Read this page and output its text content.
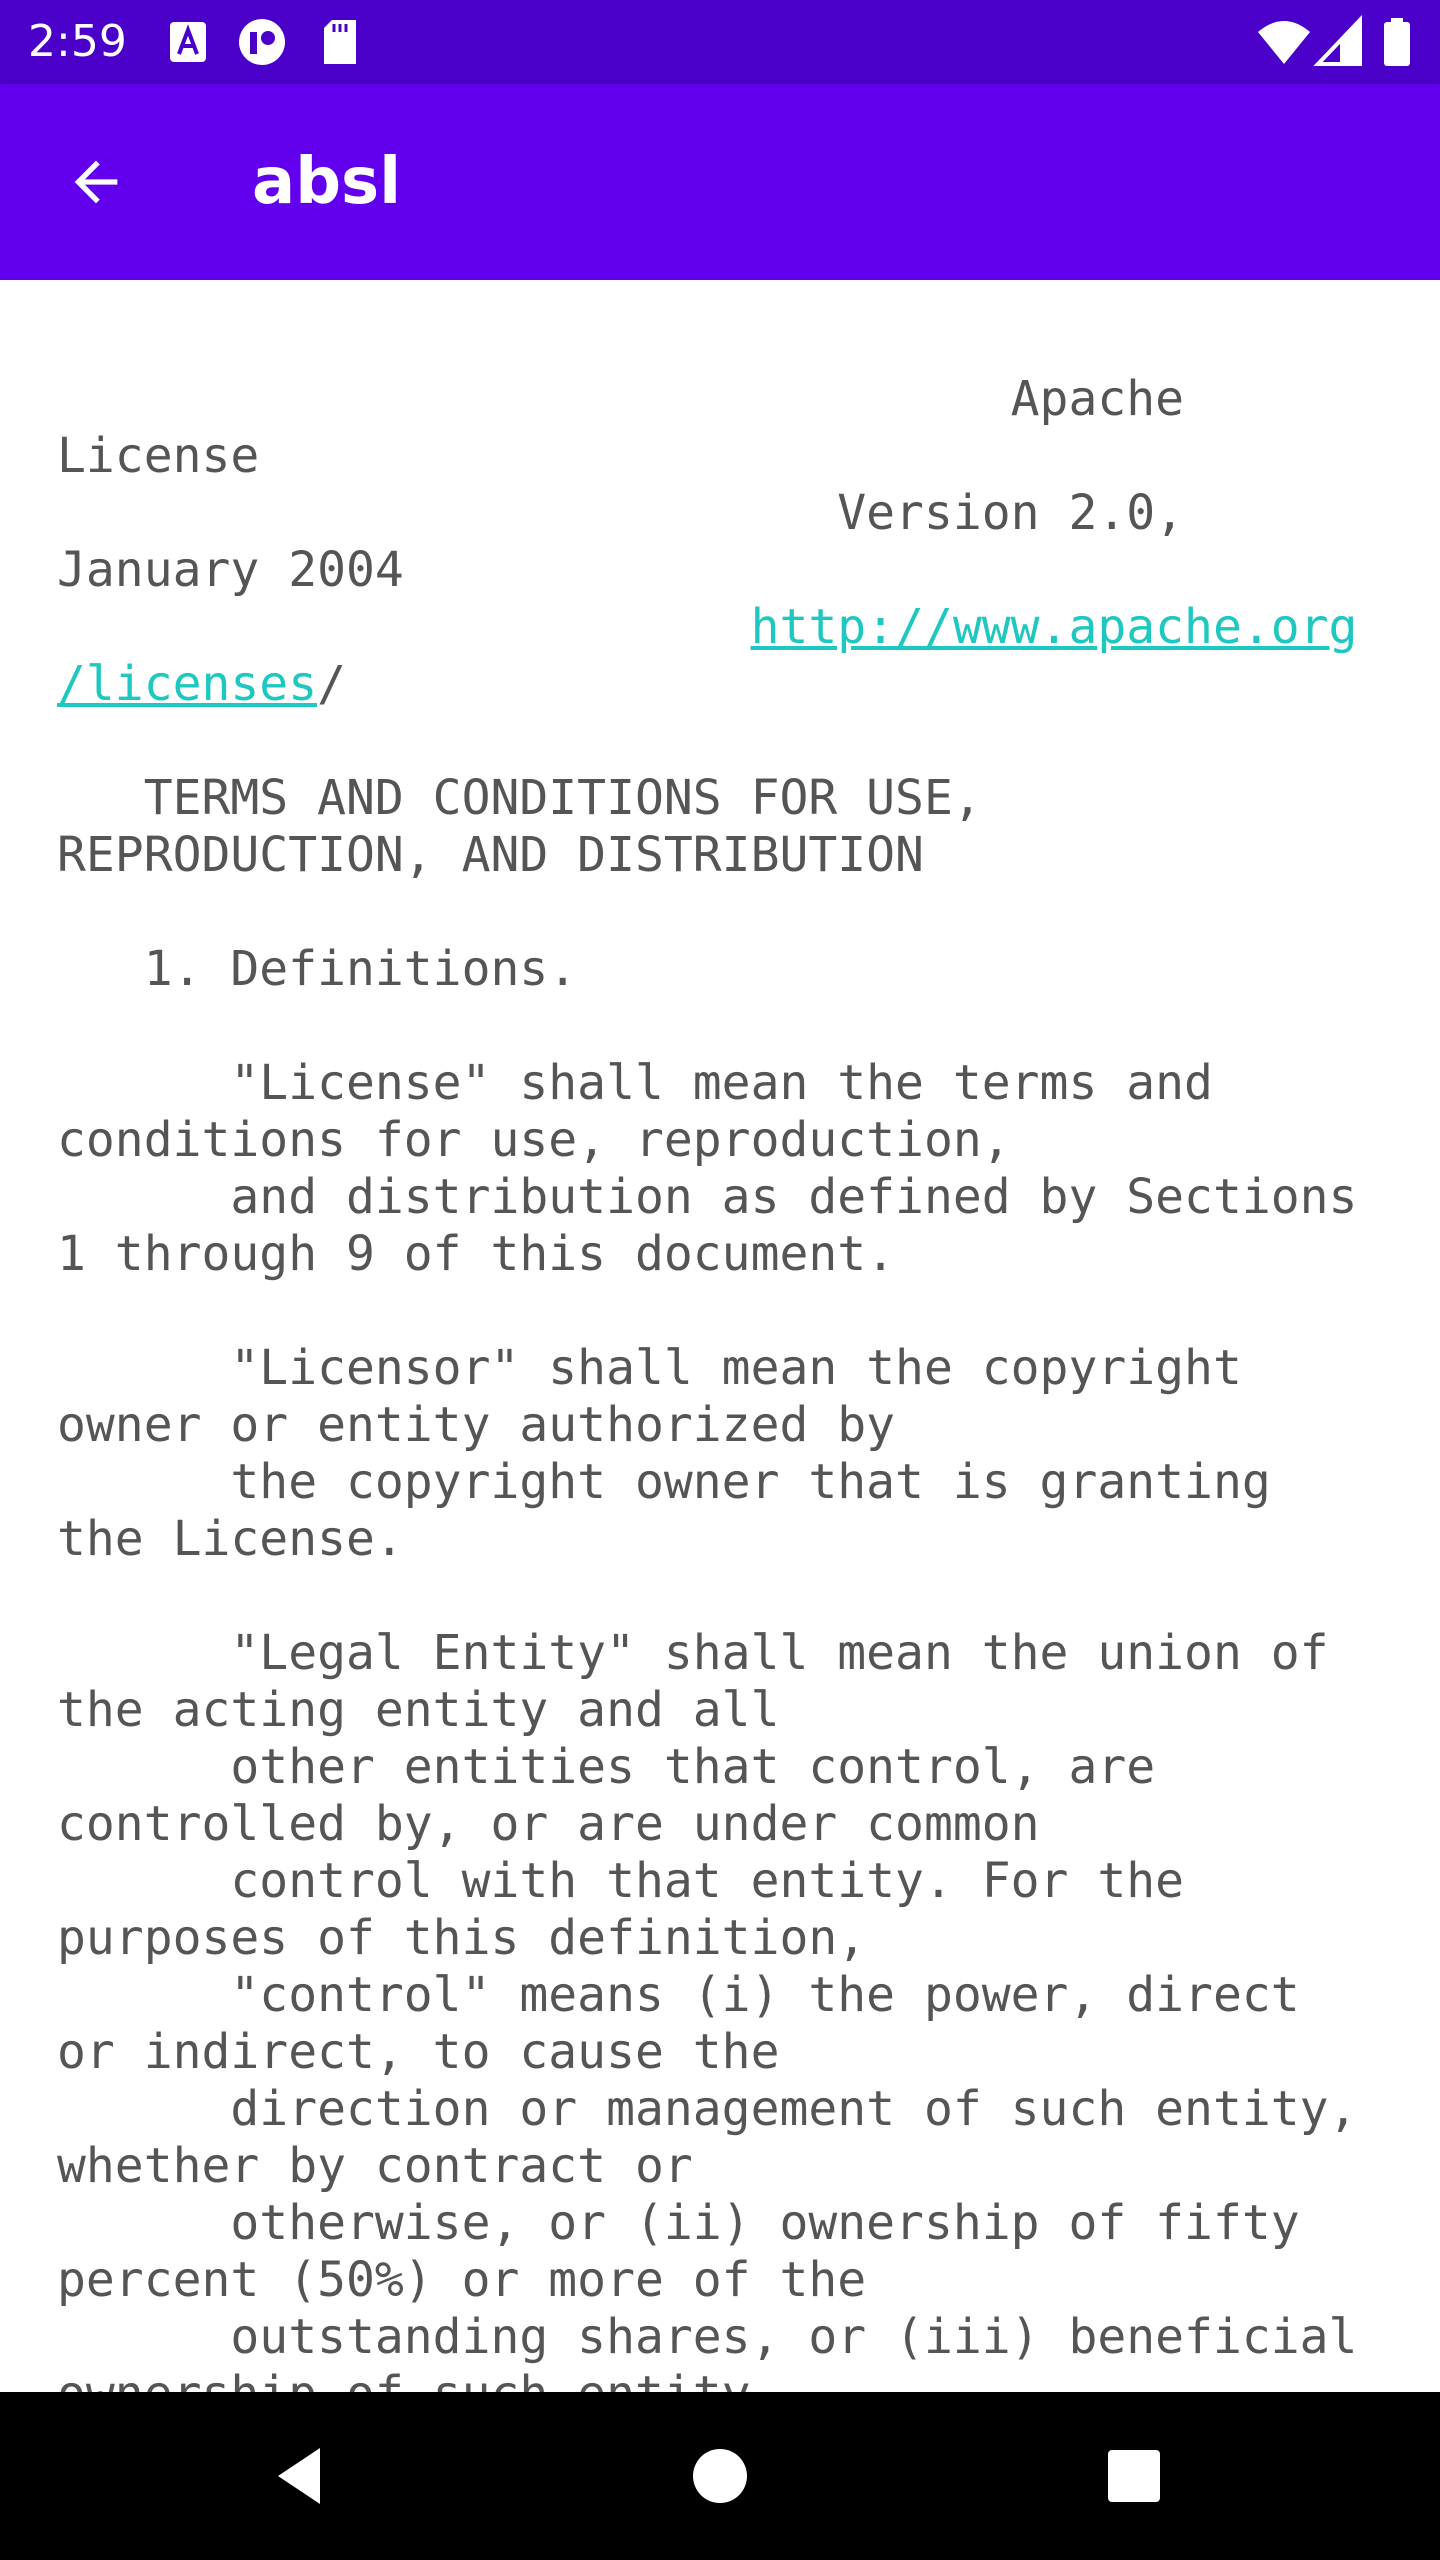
2:59
absl
Apache
License
Version 2.0,
January 2004
http://www.apache.org
/licenses/

TERMS AND CONDITIONS FOR USE,
REPRODUCTION, AND DISTRIBUTION

1. Definitions.

"License" shall mean the terms and
conditions for use, reproduction,
and distribution as defined by Sections
1 through 9 of this document.

"Licensor" shall mean the copyright
owner or entity authorized by
the copyright owner that is granting
the License.

"Legal Entity" shall mean the union of
the acting entity and all
other entities that control, are
controlled by, or are under common
control with that entity. For the
purposes of this definition,
"control" means (i) the power, direct
or indirect, to cause the
direction or management of such entity,
whether by contract or
otherwise, or (ii) ownership of fifty
percent (50%) or more of the
outstanding shares, or (iii) beneficial
